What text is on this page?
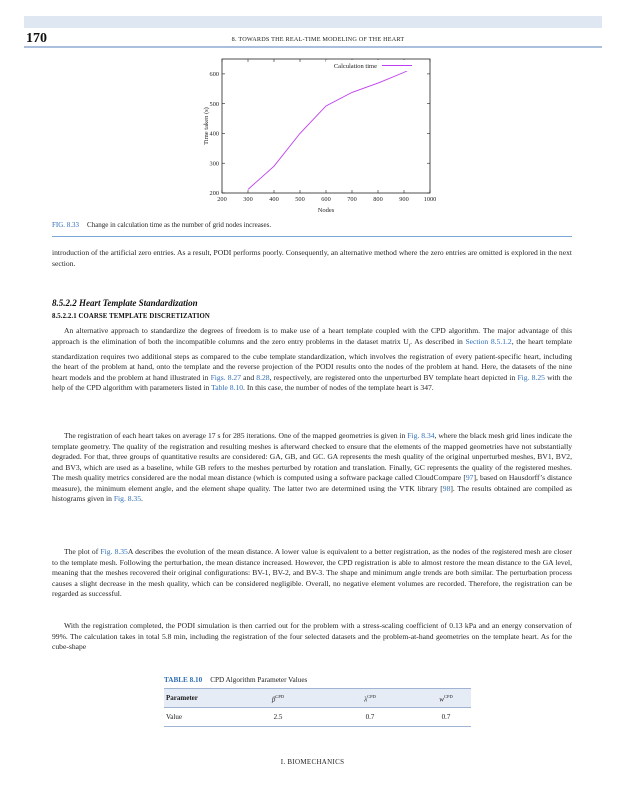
170	8. TOWARDS THE REAL-TIME MODELING OF THE HEART
200	300	400	500	600	700	800	900 1000
200
300
400
500
600
Calculation time
Nodes
Time taken (s)
FIG. 8.33 Change in calculation time as the number of grid nodes increases.
introduction of the artificial zero entries. As a result, PODI performs poorly. Consequently, an alternative method where the zero entries are omitted is explored in the next section.
8.5.2.2 Heart Template Standardization
8.5.2.2.1 COARSE TEMPLATE DISCRETIZATION
An alternative approach to standardize the degrees of freedom is to make use of a heart template coupled with the CPD algorithm. The major advantage of this approach is the elimination of both the incompatible columns and the zero entry problems in the dataset matrix $U_t$. As described in Section 8.5.1.2, the heart template standardization requires two additional steps as compared to the cube template standardization, which involves the registration of every patient-specific heart, including the heart of the problem at hand, onto the template and the reverse projection of the PODI results onto the nodes of the problem at hand. Here, the datasets of the nine heart models and the problem at hand illustrated in Figs. 8.27 and 8.28, respectively, are registered onto the unperturbed BV template heart depicted in Fig. 8.25 with the help of the CPD algorithm with parameters listed in Table 8.10. In this case, the number of nodes of the template heart is 347.
The registration of each heart takes on average 17 s for 285 iterations. One of the mapped geometries is given in Fig. 8.34, where the black mesh grid lines indicate the template geometry. The quality of the registration and resulting meshes is afterward checked to ensure that the elements of the mapped geometries have not substantially degraded. For that, three groups of quantitative results are considered: GA, GB, and GC. GA represents the mesh quality of the original unperturbed meshes, BV1, BV2, and BV3, which are used as a baseline, while GB refers to the meshes perturbed by rotation and translation. Finally, GC represents the quality of the registered meshes. The mesh quality metrics considered are the nodal mean distance (which is computed using a software package called CloudCompare [97], based on Hausdorff’s distance measure), the minimum element angle, and the element shape quality. The latter two are determined using the VTK library [98]. The results obtained are compiled as histograms given in Fig. 8.35.
The plot of Fig. 8.35A describes the evolution of the mean distance. A lower value is equivalent to a better registration, as the nodes of the registered mesh are closer to the template mesh. Following the perturbation, the mean distance increased. However, the CPD registration is able to almost restore the mean distance to the GA level, meaning that the meshes recovered their original configurations: BV-1, BV-2, and BV-3. The shape and minimum angle trends are both similar. The perturbation process causes a slight decrease in the mesh quality, which can be considered negligible. Overall, no negative element volumes are recorded. Therefore, the registration can be regarded as successful.
With the registration completed, the PODI simulation is then carried out for the problem with a stress-scaling coefficient of 0.13 kPa and an energy conservation of 99%. The calculation takes in total 5.8 min, including the registration of the four selected datasets and the problem-at-hand geometries on the template heart. As for the cube-shape
TABLE 8.10 CPD Algorithm Parameter Values
Parameter	$\beta^{CPD}$	$\lambda^{CPD}$	$w^{CPD}$
Value	2.5	0.7	0.7
I. BIOMECHANICS
